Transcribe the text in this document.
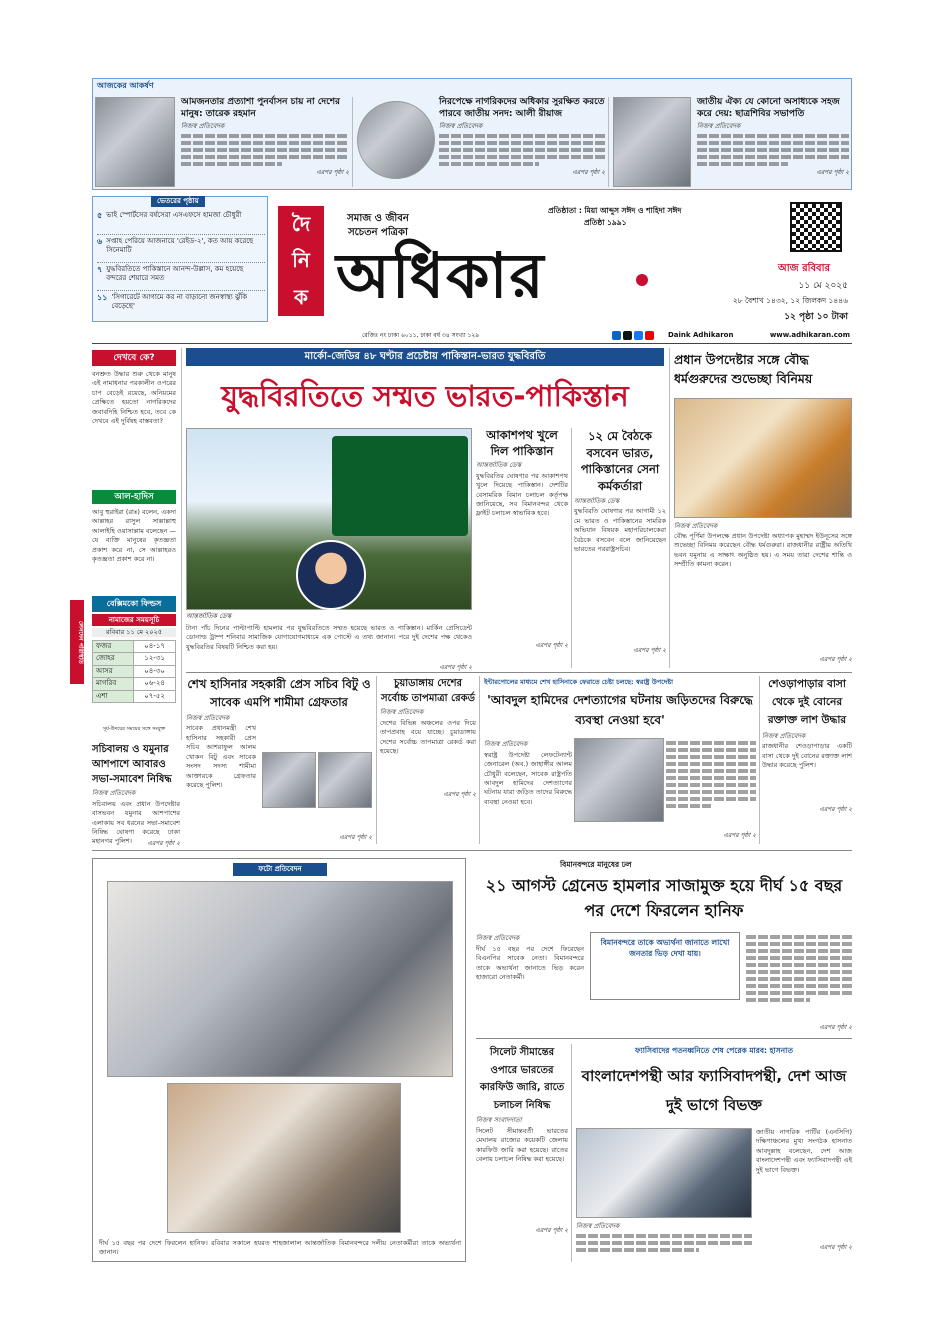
আজকের আকর্ষণ
আমজনতার প্রত্যাশা পুনর্বাসন চায় না দেশের মানুষ: তারেক রহমান
নিজস্ব প্রতিবেদক
এরপর পৃষ্ঠা ২
নিরপেক্ষে নাগরিকদের অধিকার সুরক্ষিত করতে পারবে জাতীয় সনদ: আলী রীয়াজ
নিজস্ব প্রতিবেদক
এরপর পৃষ্ঠা ২
জাতীয় ঐক্য যে কোনো অসাধ্যকে সহজ করে দেয়: ছাত্রশিবির সভাপতি
নিজস্ব প্রতিবেদক
এরপর পৃষ্ঠা ২
ভেতরের পৃষ্ঠায়
৫ ভাই স্পোর্টসের বর্ষসেরা এসএফসে হামজা চৌধুরী
৬ সপ্তাহ পেরিয়ে আজনায়ে 'রেইড-২', কত আয় করেছে সিনেমাটি
৭ যুদ্ধবিরতিতে পাকিস্তানে আনন্দ-উল্লাস, কম হয়েছে বন্দরের শেয়ারে সমত
১১ 'সিগারেটে আগামে কর না বাড়ানো জনস্বাস্থ্য ঝুঁকি বেড়েছে'
দৈ
নি
ক
সমাজ ও জীবন
সচেতন পত্রিকা
অধিকার
প্রতিষ্ঠাতা : মিয়া আব্দুস সঈদ ও শাহিদা সঈদ
প্রতিষ্ঠা ১৯৯১
রেজিঃ নং ঢাকা ৬০১১, ঢাকা বর্ষ ৩৪ সংখ্যা ১২৯
আজ রবিবার
১১ মে ২০২৫
২৮ বৈশাখ ১৪৩২, ১২ জিলকদ ১৪৪৬
১২ পৃষ্ঠা ১০ টাকা
Daink Adhikaron	www.adhikaran.com
দেখবে কে?
বনশ্রুত উদ্ধার শুরু থেকে মানুষ এই নামাধনার পরকালীন ওপরের চাপ বেড়েই রয়েছে, অনিয়মের প্রেক্ষিতে হয়তো নাগরিকদের জবাবদিহি নিশ্চিত হবে, তবে কে দেখবে এই দুর্বিষহ বাস্তবতা?
আল-হাদিস
আবু হুরাইরা (রাঃ) বলেন, একদা আল্লাহর রাসুল সাল্লাল্লাহু আলাইহি ওয়াসাল্লাম বলেছেন — যে ব্যক্তি মানুষের কৃতজ্ঞতা প্রকাশ করে না, সে আল্লাহরও কৃতজ্ঞতা প্রকাশ করে না।
লেনদেন পরিস্থিতি
বেক্সিমকো ফিল্ডস
নামাজের সময়সূচি
রবিবার ১১ মে ২০২৫
ফজর	০৪-১৭
জোহর	১২-৩১
আসর	০৪-৩০
মাগরিব	০৬-২৪
এশা	০৭-৫২
সূর্য-উদয়ের সময়ের সঙ্গে সংযুক্ত
মার্কো-জেডির ৪৮ ঘণ্টার প্রচেষ্টায় পাকিস্তান-ভারত যুদ্ধবিরতি
যুদ্ধবিরতিতে সম্মত ভারত-পাকিস্তান
আন্তর্জাতিক ডেস্ক
টানা পাঁচ দিনের পাল্টাপাল্টি হামলার পর যুদ্ধবিরতিতে সম্মত হয়েছে ভারত ও পাকিস্তান। মার্কিন প্রেসিডেন্ট ডোনাল্ড ট্রাম্প শনিবার সামাজিক যোগাযোগমাধ্যমে এক পোস্টে এ তথ্য জানান। পরে দুই দেশের পক্ষ থেকেও যুদ্ধবিরতির বিষয়টি নিশ্চিত করা হয়।
এরপর পৃষ্ঠা ২
আকাশপথ খুলে দিল পাকিস্তান
আন্তর্জাতিক ডেস্ক
যুদ্ধবিরতির ঘোষণার পর আকাশপথ খুলে দিয়েছে পাকিস্তান। দেশটির বেসামরিক বিমান চলাচল কর্তৃপক্ষ জানিয়েছে, সব বিমানবন্দর থেকে ফ্লাইট চলাচল স্বাভাবিক হবে।
এরপর পৃষ্ঠা ২
১২ মে বৈঠকে বসবেন ভারত, পাকিস্তানের সেনা কর্মকর্তারা
আন্তর্জাতিক ডেস্ক
যুদ্ধবিরতি ঘোষণার পর আগামী ১২ মে ভারত ও পাকিস্তানের সামরিক অভিযান বিষয়ক মহাপরিচালকেরা বৈঠকে বসবেন বলে জানিয়েছেন ভারতের পররাষ্ট্রসচিব।
এরপর পৃষ্ঠা ২
প্রধান উপদেষ্টার সঙ্গে বৌদ্ধ ধর্মগুরুদের শুভেচ্ছা বিনিময়
নিজস্ব প্রতিবেদক
বৌদ্ধ পূর্ণিমা উপলক্ষে প্রধান উপদেষ্টা অধ্যাপক মুহাম্মদ ইউনূসের সঙ্গে শুভেচ্ছা বিনিময় করেছেন বৌদ্ধ ধর্মগুরুরা। রাজধানীর রাষ্ট্রীয় অতিথি ভবন যমুনায় এ সাক্ষাৎ অনুষ্ঠিত হয়। এ সময় তারা দেশের শান্তি ও সম্প্রীতি কামনা করেন।
এরপর পৃষ্ঠা ২
শেখ হাসিনার সহকারী প্রেস সচিব বিটু ও সাবেক এমপি শামীমা গ্রেফতার
নিজস্ব প্রতিবেদক
সাবেক প্রধানমন্ত্রী শেখ হাসিনার সহকারী প্রেস সচিব আশরাফুল আলম খোকন বিটু এবং সাবেক সংসদ সদস্য শামীমা আক্তারকে গ্রেফতার করেছে পুলিশ।
এরপর পৃষ্ঠা ২
চুয়াডাঙ্গায় দেশের সর্বোচ্চ তাপমাত্রা রেকর্ড
নিজস্ব প্রতিবেদক
দেশের বিভিন্ন অঞ্চলের ওপর দিয়ে তাপপ্রবাহ বয়ে যাচ্ছে। চুয়াডাঙ্গায় দেশের সর্বোচ্চ তাপমাত্রা রেকর্ড করা হয়েছে।
এরপর পৃষ্ঠা ২
ইন্টারপোলের মাধ্যমে শেখ হাসিনাকে ফেরাতে চেষ্টা চলছে: স্বরাষ্ট্র উপদেষ্টা
'আবদুল হামিদের দেশত্যাগের ঘটনায় জড়িতদের বিরুদ্ধে ব্যবস্থা নেওয়া হবে'
নিজস্ব প্রতিবেদক
স্বরাষ্ট্র উপদেষ্টা লেফটেন্যান্ট জেনারেল (অব.) জাহাঙ্গীর আলম চৌধুরী বলেছেন, সাবেক রাষ্ট্রপতি আবদুল হামিদের দেশত্যাগের ঘটনায় যারা জড়িত তাদের বিরুদ্ধে ব্যবস্থা নেওয়া হবে।
এরপর পৃষ্ঠা ২
শেওড়াপাড়ার বাসা থেকে দুই বোনের রক্তাক্ত লাশ উদ্ধার
নিজস্ব প্রতিবেদক
রাজধানীর শেওড়াপাড়ার একটি বাসা থেকে দুই বোনের রক্তাক্ত লাশ উদ্ধার করেছে পুলিশ।
এরপর পৃষ্ঠা ২
সচিবালয় ও যমুনার আশপাশে আবারও সভা-সমাবেশ নিষিদ্ধ
নিজস্ব প্রতিবেদক
সচিবালয় এবং প্রধান উপদেষ্টার বাসভবন যমুনার আশপাশের এলাকায় সব ধরনের সভা-সমাবেশ নিষিদ্ধ ঘোষণা করেছে ঢাকা মহানগর পুলিশ।	এরপর পৃষ্ঠা ২
ফটো প্রতিবেদন
দীর্ঘ ১৫ বছর পর দেশে ফিরলেন হানিফ। রবিবার সকালে হযরত শাহজালাল আন্তর্জাতিক বিমানবন্দরে দলীয় নেতাকর্মীরা তাকে অভ্যর্থনা জানান।
বিমানবন্দরে মানুষের ঢল
২১ আগস্ট গ্রেনেড হামলার সাজামুক্ত হয়ে দীর্ঘ ১৫ বছর পর দেশে ফিরলেন হানিফ
নিজস্ব প্রতিবেদক
দীর্ঘ ১৫ বছর পর দেশে ফিরেছেন বিএনপির সাবেক নেতা। বিমানবন্দরে তাকে অভ্যর্থনা জানাতে ভিড় করেন হাজারো নেতাকর্মী।
বিমানবন্দরে তাকে অভ্যর্থনা জানাতে লাখো জনতার ভিড় দেখা যায়।
এরপর পৃষ্ঠা ২
সিলেট সীমান্তের ওপারে ভারতের কারফিউ জারি, রাতে চলাচল নিষিদ্ধ
নিজস্ব সংবাদদাতা
সিলেট সীমান্তবর্তী ভারতের মেঘালয় রাজ্যের কয়েকটি জেলায় কারফিউ জারি করা হয়েছে। রাতের বেলায় চলাচল নিষিদ্ধ করা হয়েছে।
এরপর পৃষ্ঠা ২
ফ্যাসিবাদের পতনধ্বনিতে শেষ পেরেক মারব: হাসনাত
বাংলাদেশপন্থী আর ফ্যাসিবাদপন্থী, দেশ আজ দুই ভাগে বিভক্ত
জাতীয় নাগরিক পার্টির (এনসিপি) দক্ষিণাঞ্চলের মুখ্য সংগঠক হাসনাত আবদুল্লাহ বলেছেন, দেশ আজ বাংলাদেশপন্থী এবং ফ্যাসিবাদপন্থী এই দুই ভাগে বিভক্ত।
নিজস্ব প্রতিবেদক
এরপর পৃষ্ঠা ২
